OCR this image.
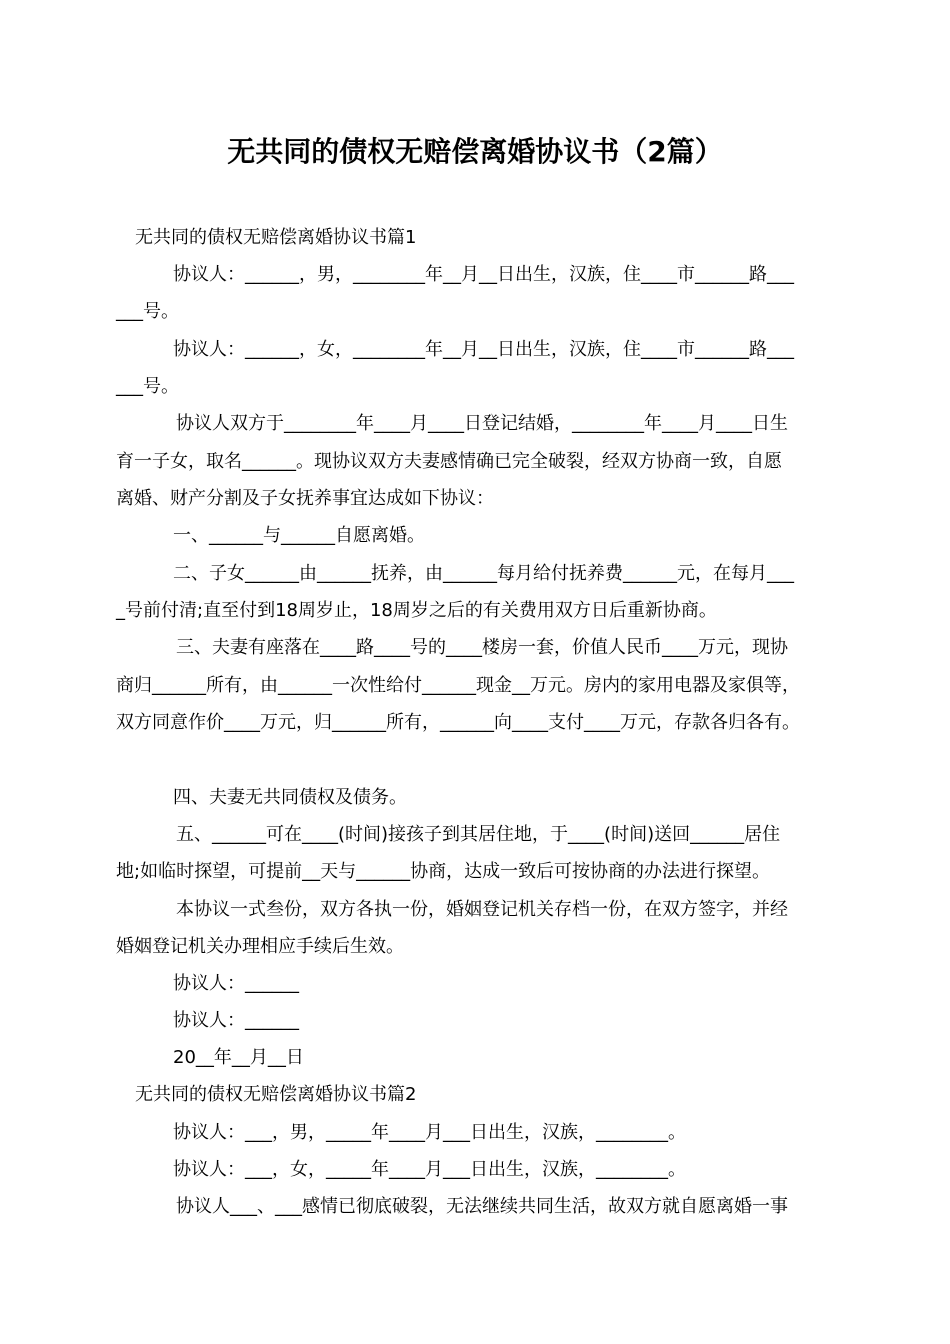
无共同的债权无赔偿离婚协议书（2篇）
无共同的债权无赔偿离婚协议书篇1
协议人：______，男，________年__月__日出生，汉族，住____市______路___
___号。
协议人：______，女，________年__月__日出生，汉族，住____市______路___
___号。
协议人双方于________年____月____日登记结婚，________年____月____日生
育一子女，取名______。现协议双方夫妻感情确已完全破裂，经双方协商一致，自愿
离婚、财产分割及子女抚养事宜达成如下协议：
一、______与______自愿离婚。
二、子女______由______抚养，由______每月给付抚养费______元，在每月___
_号前付清;直至付到18周岁止，18周岁之后的有关费用双方日后重新协商。
三、夫妻有座落在____路____号的____楼房一套，价值人民币____万元，现协
商归______所有，由______一次性给付______现金__万元。房内的家用电器及家俱等，
双方同意作价____万元，归______所有，______向____支付____万元，存款各归各有。
四、夫妻无共同债权及债务。
五、______可在____(时间)接孩子到其居住地，于____(时间)送回______居住
地;如临时探望，可提前__天与______协商，达成一致后可按协商的办法进行探望。
本协议一式叁份，双方各执一份，婚姻登记机关存档一份，在双方签字，并经
婚姻登记机关办理相应手续后生效。
协议人：______
协议人：______
20__年__月__日
无共同的债权无赔偿离婚协议书篇2
协议人：___，男，_____年____月___日出生，汉族，________。
协议人：___，女，_____年____月___日出生，汉族，________。
协议人___、___感情已彻底破裂，无法继续共同生活，故双方就自愿离婚一事
